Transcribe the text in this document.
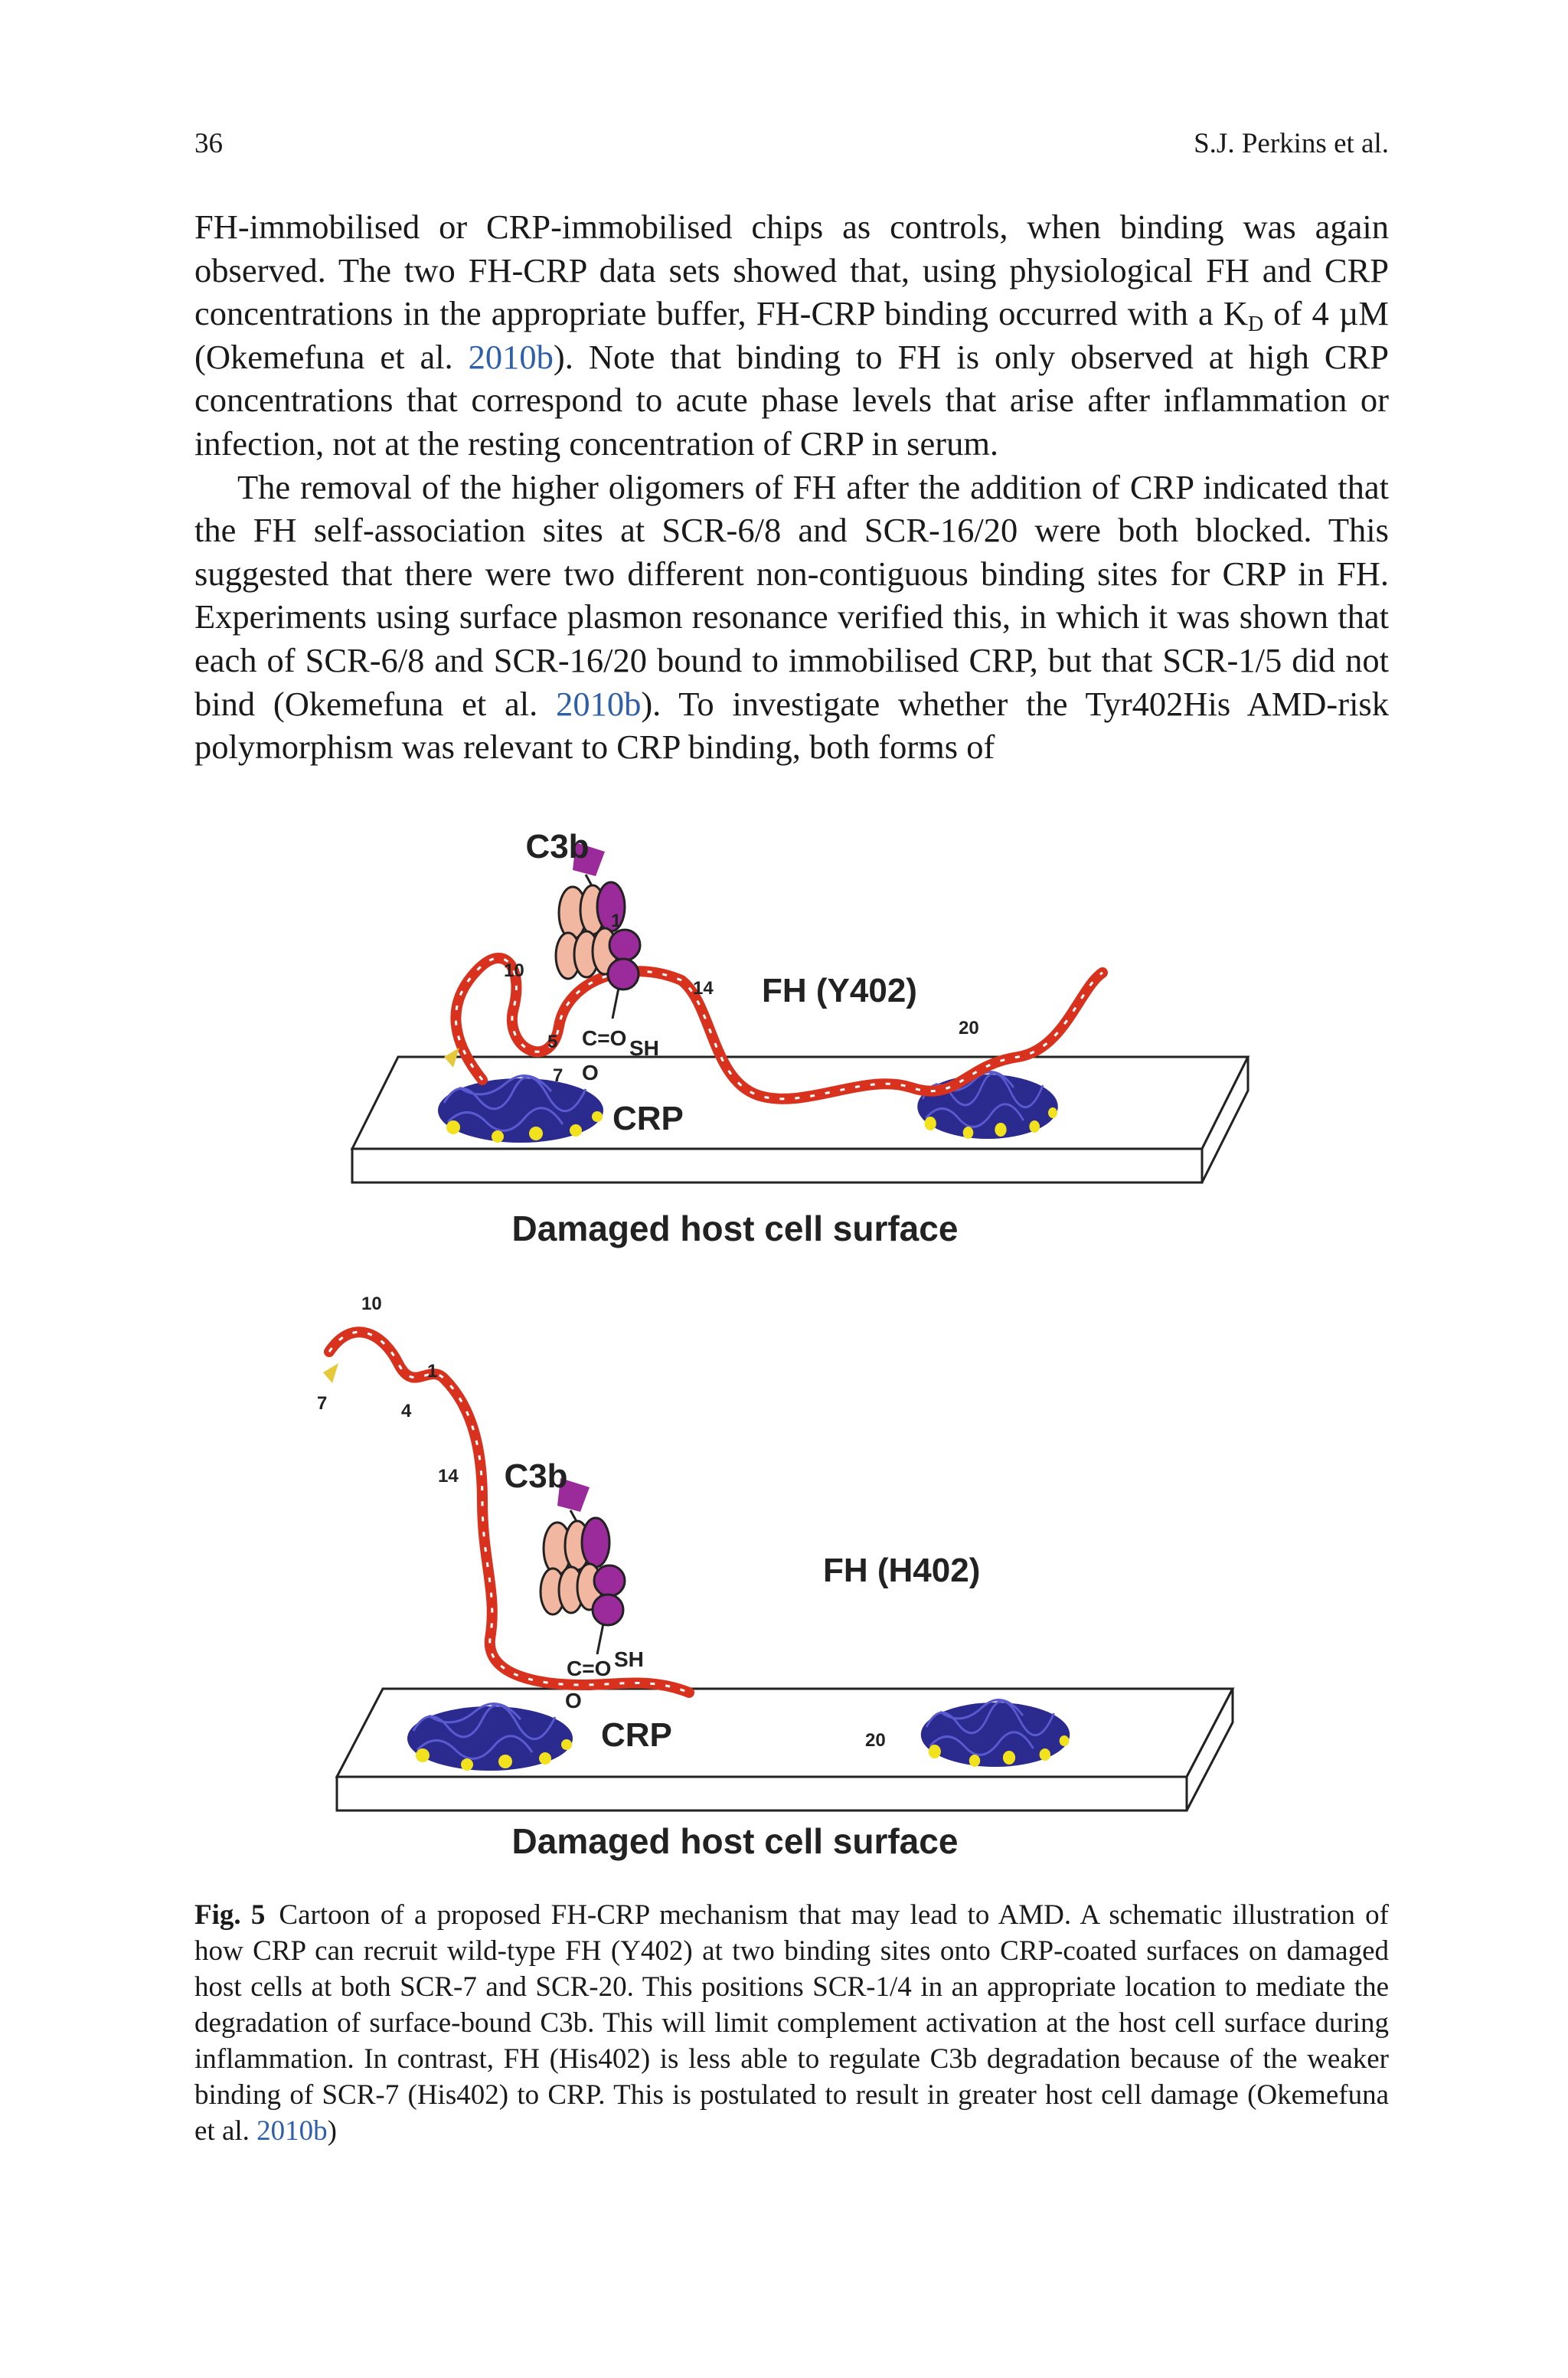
36	S.J. Perkins et al.

FH-immobilised or CRP-immobilised chips as controls, when binding was again observed. The two FH-CRP data sets showed that, using physiological FH and CRP concentrations in the appropriate buffer, FH-CRP binding occurred with a $K_D$ of 4 µM (Okemefuna et al. 2010b). Note that binding to FH is only observed at high CRP concentrations that correspond to acute phase levels that arise after inflammation or infection, not at the resting concentration of CRP in serum.

The removal of the higher oligomers of FH after the addition of CRP indicated that the FH self-association sites at SCR-6/8 and SCR-16/20 were both blocked. This suggested that there were two different non-contiguous binding sites for CRP in FH. Experiments using surface plasmon resonance verified this, in which it was shown that each of SCR-6/8 and SCR-16/20 bound to immobilised CRP, but that SCR-1/5 did not bind (Okemefuna et al. 2010b). To investigate whether the Tyr402His AMD-risk polymorphism was relevant to CRP binding, both forms of

C3b
FH (Y402)
CRP
C=O SH
O
1
10
14
5
7
20
Damaged host cell surface
C3b
FH (H402)
CRP
C=O SH
O
10
1
7	4
14
20
Damaged host cell surface
Fig. 5 Cartoon of a proposed FH-CRP mechanism that may lead to AMD. A schematic illustration of how CRP can recruit wild-type FH (Y402) at two binding sites onto CRP-coated surfaces on damaged host cells at both SCR-7 and SCR-20. This positions SCR-1/4 in an appropriate location to mediate the degradation of surface-bound C3b. This will limit complement activation at the host cell surface during inflammation. In contrast, FH (His402) is less able to regulate C3b degradation because of the weaker binding of SCR-7 (His402) to CRP. This is postulated to result in greater host cell damage (Okemefuna et al. 2010b)
